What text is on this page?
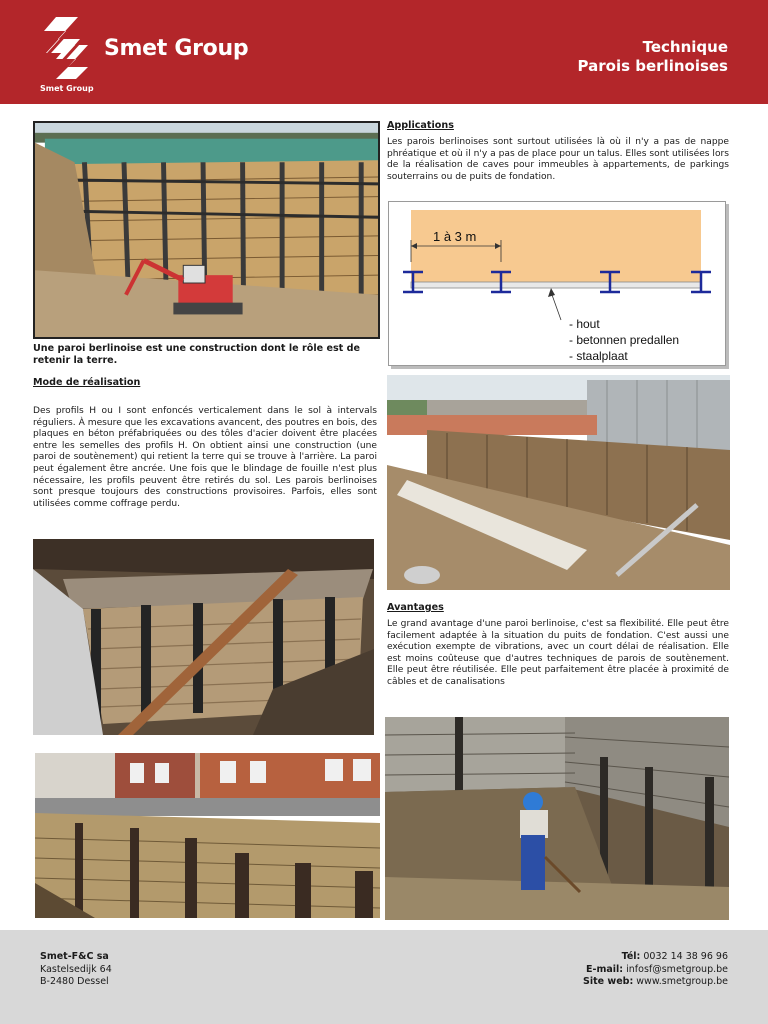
Smet Group
Smet Group	Technique
Parois berlinoises
Une paroi berlinoise est une construction dont le rôle est de retenir la terre.
Mode de réalisation
Des profils H ou I sont enfoncés verticalement dans le sol à intervals réguliers. À mesure que les excavations avancent, des poutres en bois, des plaques en béton préfabriquées ou des tôles d'acier doivent être placées entre les semelles des profils H. On obtient ainsi une construction (une paroi de soutènement) qui retient la terre qui se trouve à l'arrière. La paroi peut également être ancrée. Une fois que le blindage de fouille n'est plus nécessaire, les profils peuvent être retirés du sol. Les parois berlinoises sont presque toujours des constructions provisoires. Parfois, elles sont utilisées comme coffrage perdu.
Applications
Les parois berlinoises sont surtout utilisées là où il n'y a pas de nappe phréatique et où il n'y a pas de place pour un talus. Elles sont utilisées lors de la réalisation de caves pour immeubles à appartements, de parkings souterrains ou de puits de fondation.
1 à 3 m
- hout
- betonnen predallen
- staalplaat
Avantages
Le grand avantage d'une paroi berlinoise, c'est sa flexibilité. Elle peut être facilement adaptée à la situation du puits de fondation. C'est aussi une exécution exempte de vibrations, avec un court délai de réalisation. Elle est moins coûteuse que d'autres techniques de parois de soutènement. Elle peut être réutilisée. Elle peut parfaitement être placée à proximité de câbles et de canalisations
Smet-F&C sa
Kastelsedijk 64
B-2480 Dessel
Tél: 0032 14 38 96 96
E-mail: infosf@smetgroup.be
Site web: www.smetgroup.be
